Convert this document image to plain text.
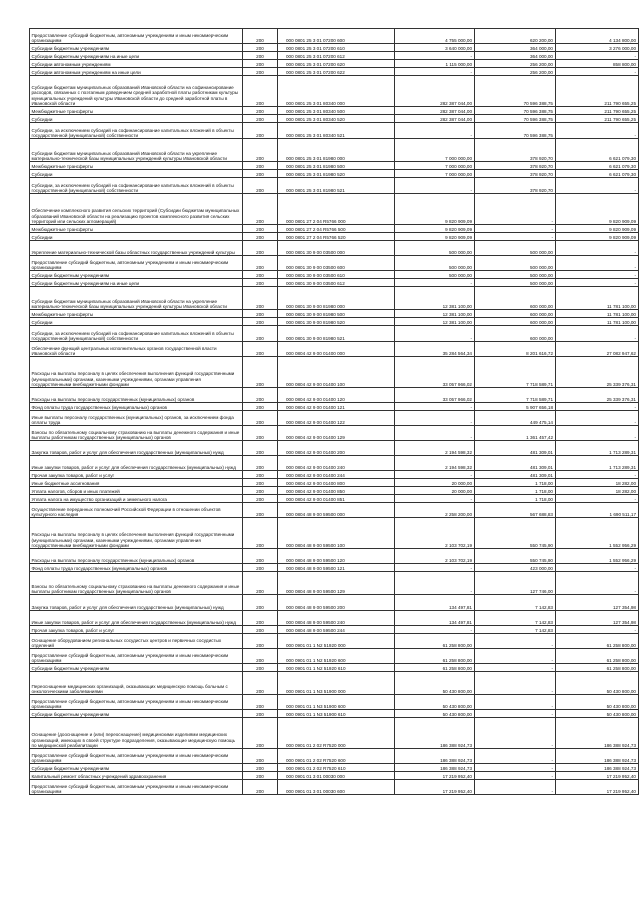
Предоставление субсидий бюджетным, автономным учреждениям и иным некоммерческим организациям	200	000 0801 25 3 01 07200 600	4 755 000,00	620 200,00	4 134 800,00
Субсидии бюджетным учреждениям	200	000 0801 25 3 01 07200 610	3 640 000,00	364 000,00	3 276 000,00
Субсидии бюджетным учреждениям на иные цели	200	000 0801 25 3 01 07200 612	-	364 000,00	-
Субсидии автономным учреждениям	200	000 0801 25 3 01 07200 620	1 115 000,00	256 200,00	858 800,00
Субсидии автономным учреждениям на иные цели	200	000 0801 25 3 01 07200 622	-	256 200,00	-
Субсидии бюджетам муниципальных образований Ивановской области на софинансирование расходов, связанных с поэтапным доведением средней заработной платы работникам культуры муниципальных учреждений культуры Ивановской области до средней заработной платы в Ивановской области	200	000 0801 25 3 01 80340 000	282 387 044,00	70 596 388,75	211 790 655,25
Межбюджетные трансферты	200	000 0801 25 3 01 80340 500	282 387 044,00	70 596 388,75	211 790 655,25
Субсидии	200	000 0801 25 3 01 80340 520	282 387 044,00	70 596 388,75	211 790 655,25
Субсидии, за исключением субсидий на софинансирование капитальных вложений в объекты государственной (муниципальной) собственности	200	000 0801 25 3 01 80340 521	-	70 596 388,75	-
Субсидии бюджетам муниципальных образований Ивановской области на укрепление материально-технической базы муниципальных учреждений культуры Ивановской области	200	000 0801 25 3 01 81980 000	7 000 000,00	378 920,70	6 621 079,30
Межбюджетные трансферты	200	000 0801 25 3 01 81980 500	7 000 000,00	378 920,70	6 621 079,30
Субсидии	200	000 0801 25 3 01 81980 520	7 000 000,00	378 920,70	6 621 079,30
Субсидии, за исключением субсидий на софинансирование капитальных вложений в объекты государственной (муниципальной) собственности	200	000 0801 25 3 01 81980 521	-	378 920,70	-
Обеспечение комплексного развития сельских территорий (Субсидии бюджетам муниципальных образований Ивановской области на реализацию проектов комплексного развития сельских территорий или сельских агломераций)	200	000 0801 27 2 04 R5766 000	9 820 909,09	-	9 820 909,09
Межбюджетные трансферты	200	000 0801 27 2 04 R5766 500	9 820 909,09	-	9 820 909,09
Субсидии	200	000 0801 27 2 04 R5766 520	9 820 909,09	-	9 820 909,09
Укрепление материально-технической базы областных государственных учреждений культуры	200	000 0801 30 9 00 03500 000	500 000,00	500 000,00	-
Предоставление субсидий бюджетным, автономным учреждениям и иным некоммерческим организациям	200	000 0801 30 9 00 03500 600	500 000,00	500 000,00	-
Субсидии бюджетным учреждениям	200	000 0801 30 9 00 03500 610	500 000,00	500 000,00	-
Субсидии бюджетным учреждениям на иные цели	200	000 0801 30 9 00 03500 612	-	500 000,00	-
Субсидии бюджетам муниципальных образований Ивановской области на укрепление материально-технической базы муниципальных учреждений культуры Ивановской области	200	000 0801 30 9 00 81980 000	12 381 100,00	600 000,00	11 781 100,00
Межбюджетные трансферты	200	000 0801 30 9 00 81980 500	12 381 100,00	600 000,00	11 781 100,00
Субсидии	200	000 0801 30 9 00 81980 520	12 381 100,00	600 000,00	11 781 100,00
Субсидии, за исключением субсидий на софинансирование капитальных вложений в объекты государственной (муниципальной) собственности	200	000 0801 30 9 00 81980 521	-	600 000,00	-
Обеспечение функций центральных исполнительных органов государственной власти Ивановской области	200	000 0804 42 9 00 01400 000	35 284 564,34	8 201 616,72	27 082 947,62
Расходы на выплаты персоналу в целях обеспечения выполнения функций государственными (муниципальными) органами, казенными учреждениями, органами управления государственными внебюджетными фондами	200	000 0804 42 9 00 01400 100	33 057 966,02	7 718 589,71	25 339 376,31
Расходы на выплаты персоналу государственных (муниципальных) органов	200	000 0804 42 9 00 01400 120	33 057 966,02	7 718 589,71	25 339 376,31
Фонд оплаты труда государственных (муниципальных) органов	200	000 0804 42 9 00 01400 121	-	5 907 656,18	-
Иные выплаты персоналу государственных (муниципальных) органов, за исключением фонда оплаты труда	200	000 0804 42 9 00 01400 122	-	449 475,14	-
Взносы по обязательному социальному страхованию на выплаты денежного содержания и иные выплаты работникам государственных (муниципальных) органов	200	000 0804 42 9 00 01400 129	-	1 361 457,42	-
Закупка товаров, работ и услуг для обеспечения государственных (муниципальных) нужд	200	000 0804 42 9 00 01400 200	2 194 598,32	481 309,01	1 713 289,31
Иные закупки товаров, работ и услуг для обеспечения государственных (муниципальных) нужд	200	000 0804 42 9 00 01400 240	2 194 598,32	481 309,01	1 713 289,31
Прочая закупка товаров, работ и услуг	200	000 0804 42 9 00 01400 244	-	481 309,01	-
Иные бюджетные ассигнования	200	000 0804 42 9 00 01400 800	20 000,00	1 718,00	18 282,00
Уплата налогов, сборов и иных платежей	200	000 0804 42 9 00 01400 850	20 000,00	1 718,00	18 282,00
Уплата налога на имущество организаций и земельного налога	200	000 0804 42 9 00 01400 851	-	1 718,00	-
Осуществление переданных полномочий Российской Федерации в отношении объектов культурного наследия	200	000 0804 48 9 00 59500 000	2 258 200,00	567 688,83	1 690 511,17
Расходы на выплаты персоналу в целях обеспечения выполнения функций государственными (муниципальными) органами, казенными учреждениями, органами управления государственными внебюджетными фондами	200	000 0804 48 9 00 59500 100	2 103 702,19	550 745,90	1 552 956,29
Расходы на выплаты персоналу государственных (муниципальных) органов	200	000 0804 48 9 00 59500 120	2 103 702,19	550 745,90	1 552 956,29
Фонд оплаты труда государственных (муниципальных) органов	200	000 0804 48 9 00 59500 121	-	423 000,00	-
Взносы по обязательному социальному страхованию на выплаты денежного содержания и иные выплаты работникам государственных (муниципальных) органов	200	000 0804 48 9 00 59500 129	-	127 746,00	-
Закупка товаров, работ и услуг для обеспечения государственных (муниципальных) нужд	200	000 0804 48 9 00 59500 200	134 497,81	7 142,83	127 354,98
Иные закупки товаров, работ и услуг для обеспечения государственных (муниципальных) нужд	200	000 0804 48 9 00 59500 240	134 497,81	7 142,83	127 354,98
Прочая закупка товаров, работ и услуг	200	000 0804 48 9 00 59500 244	-	7 142,83	-
Оснащение оборудованием региональных сосудистых центров и первичных сосудистых отделений	200	000 0901 01 1 N2 51920 000	61 258 800,00	-	61 258 800,00
Предоставление субсидий бюджетным, автономным учреждениям и иным некоммерческим организациям	200	000 0901 01 1 N2 51920 600	61 258 800,00	-	61 258 800,00
Субсидии бюджетным учреждениям	200	000 0901 01 1 N2 51920 610	61 258 800,00	-	61 258 800,00
Переоснащение медицинских организаций, оказывающих медицинскую помощь больным с онкологическими заболеваниями	200	000 0901 01 1 N3 51900 000	50 430 800,00	-	50 430 800,00
Предоставление субсидий бюджетным, автономным учреждениям и иным некоммерческим организациям	200	000 0901 01 1 N3 51900 600	50 430 800,00	-	50 430 800,00
Субсидии бюджетным учреждениям	200	000 0901 01 1 N3 51900 610	50 430 800,00	-	50 430 800,00
Оснащение (дооснащение и (или) переоснащение) медицинскими изделиями медицинских организаций, имеющих в своей структуре подразделения, оказывающие медицинскую помощь по медицинской реабилитации	200	000 0901 01 2 02 R7520 000	186 388 924,73	-	186 388 924,73
Предоставление субсидий бюджетным, автономным учреждениям и иным некоммерческим организациям	200	000 0901 01 2 02 R7520 600	186 388 924,73	-	186 388 924,73
Субсидии бюджетным учреждениям	200	000 0901 01 2 02 R7520 610	186 388 924,73	-	186 388 924,73
Капитальный ремонт областных учреждений здравоохранения	200	000 0901 01 3 01 00030 000	17 219 952,40	-	17 219 952,40
Предоставление субсидий бюджетным, автономным учреждениям и иным некоммерческим организациям	200	000 0901 01 3 01 00030 600	17 219 952,40	-	17 219 952,40
